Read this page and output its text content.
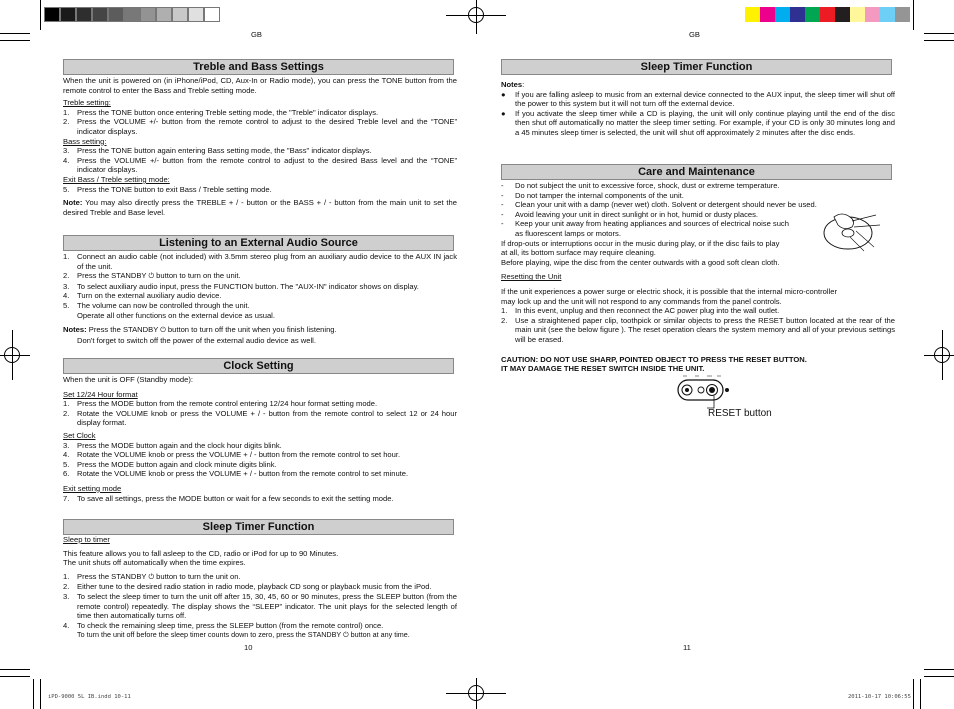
GB	GB
Treble and Bass Settings
When the unit is powered on (in iPhone/iPod, CD, Aux-In or Radio mode), you can press the TONE button from the remote control to enter the Bass and Treble setting mode.
Treble setting:
1. Press the TONE button once entering Treble setting mode, the "Treble" indicator displays.
2. Press the VOLUME +/- button from the remote control to adjust to the desired Treble level and the “TONE” indicator displays.
Bass setting:
3. Press the TONE button again entering Bass setting mode, the "Bass" indicator displays.
4. Press the VOLUME +/- button from the remote control to adjust to the desired Bass level and the “TONE” indicator displays.
Exit Bass / Treble setting mode:
5. Press the TONE button to exit Bass / Treble setting mode.
Note: You may also directly press the TREBLE + / - button or the BASS + / - button from the main unit to set the desired Treble and Base level.
Listening to an External Audio Source
1. Connect an audio cable (not included) with 3.5mm stereo plug from an auxiliary audio device to the AUX IN jack of the unit.
2. Press the STANDBY ⏻ button to turn on the unit.
3. To select auxiliary audio input, press the FUNCTION button. The "AUX-IN" indicator shows on display.
4. Turn on the external auxiliary audio device.
5. The volume can now be controlled through the unit.
Operate all other functions on the external device as usual.
Notes: Press the STANDBY ⏻ button to turn off the unit when you finish listening.
Don't forget to switch off the power of the external audio device as well.
Clock Setting
When the unit is OFF (Standby mode):
Set 12/24 Hour format
1. Press the MODE button from the remote control entering 12/24 hour format setting mode.
2. Rotate the VOLUME knob or press the VOLUME + / - button from the remote control to select 12 or 24 hour display format.
Set Clock
3. Press the MODE button again and the clock hour digits blink.
4. Rotate the VOLUME knob or press the VOLUME + / - button from the remote control to set hour.
5. Press the MODE button again and clock minute digits blink.
6. Rotate the VOLUME knob or press the VOLUME + / - button from the remote control to set minute.
Exit setting mode
7. To save all settings, press the MODE button or wait for a few seconds to exit the setting mode.
Sleep Timer Function
Sleep to timer
This feature allows you to fall asleep to the CD, radio or iPod for up to 90 Minutes.
The unit shuts off automatically when the time expires.
1. Press the STANDBY ⏻ button to turn the unit on.
2. Either tune to the desired radio station in radio mode, playback CD song or playback music from the iPod.
3. To select the sleep timer to turn the unit off after 15, 30, 45, 60 or 90 minutes, press the SLEEP button (from the remote control) repeatedly. The display shows the “SLEEP” indicator. The unit plays for the selected length of time then automatically turns off.
4. To check the remaining sleep time, press the SLEEP button (from the remote control) once.
To turn the unit off before the sleep timer counts down to zero, press the STANDBY ⏻ button at any time.
10
iPD-9000 5L IB.indd 10-11
Sleep Timer Function
Notes:
● If you are falling asleep to music from an external device connected to the AUX input, the sleep timer will shut off the power to this system but it will not turn off the external device.
● If you activate the sleep timer while a CD is playing, the unit will only continue playing until the end of the disc then shut off automatically no matter the sleep timer setting. For example, if your CD is only 30 minutes long and a 45 minutes sleep timer is selected, the unit will shut off approximately 2 minutes after the disc ends.
Care and Maintenance
- Do not subject the unit to excessive force, shock, dust or extreme temperature.
- Do not tamper the internal components of the unit.
- Clean your unit with a damp (never wet) cloth. Solvent or detergent should never be used.
- Avoid leaving your unit in direct sunlight or in hot, humid or dusty places.
- Keep your unit away from heating appliances and sources of electrical noise such
as fluorescent lamps or motors.
If drop-outs or interruptions occur in the music during play, or if the disc fails to play
at all, its bottom surface may require cleaning.
Before playing, wipe the disc from the center outwards with a good soft clean cloth.
Resetting the Unit
If the unit experiences a power surge or electric shock, it is possible that the internal micro-controller
may lock up and the unit will not respond to any commands from the panel controls.
1. In this event, unplug and then reconnect the AC power plug into the wall outlet.
2. Use a straightened paper clip, toothpick or similar objects to press the RESET button located at the rear of the main unit (see the below figure ). The reset operation clears the system memory and all of your previous settings will be erased.
CAUTION: DO NOT USE SHARP, POINTED OBJECT TO PRESS THE RESET BUTTON.
IT MAY DAMAGE THE RESET SWITCH INSIDE THE UNIT.
RESET button
11
2011-10-17 10:06:55
